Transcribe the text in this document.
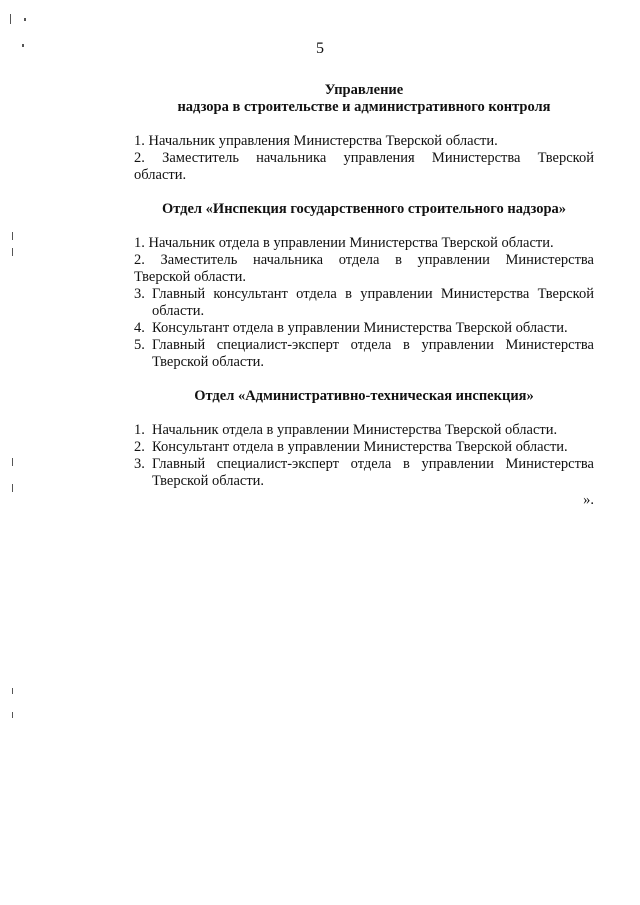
5

Управление

надзора в строительстве и административного контроля

1. Начальник управления Министерства Тверской области.
2. Заместитель начальника управления Министерства Тверской
области.

Отдел «Инспекция государственного строительного надзора»

1. Начальник отдела в управлении Министерства Тверской области.
2. Заместитель начальника отдела в управлении Министерства
Тверской области.
3. Главный консультант отдела в управлении Министерства Тверской области.
4. Консультант отдела в управлении Министерства Тверской области.
5. Главный специалист-эксперт отдела в управлении Министерства Тверской области.

Отдел «Административно-техническая инспекция»

1. Начальник отдела в управлении Министерства Тверской области.
2. Консультант отдела в управлении Министерства Тверской области.
3. Главный специалист-эксперт отдела в управлении Министерства Тверской области.

».
